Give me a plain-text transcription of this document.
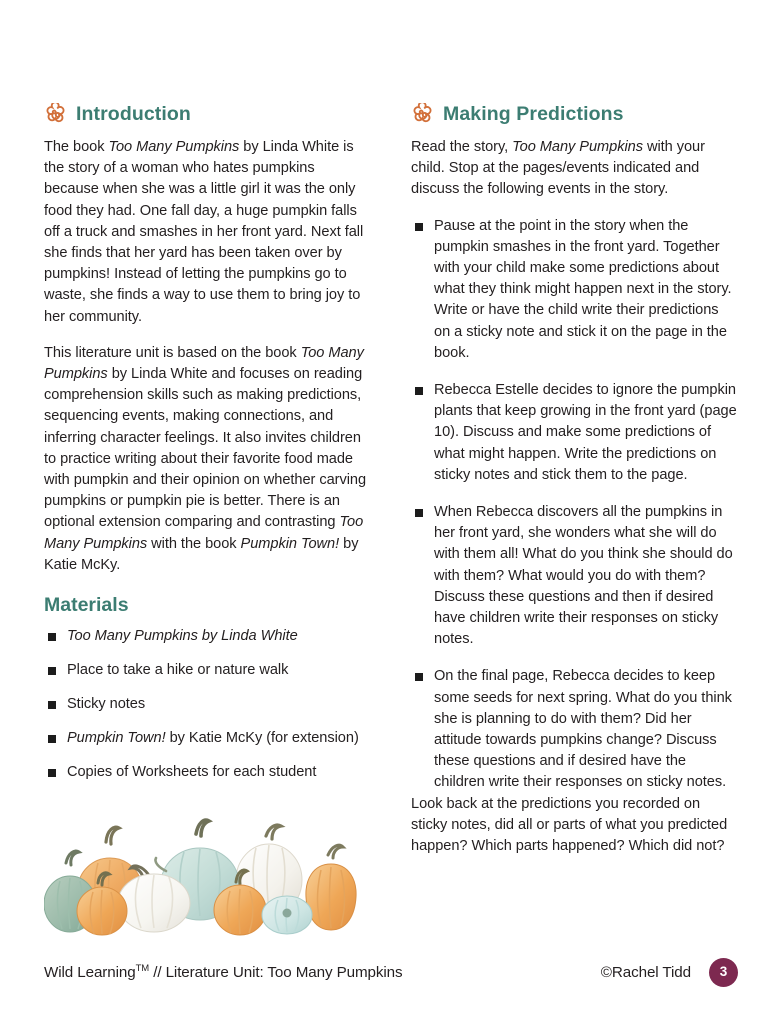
Introduction

The book Too Many Pumpkins by Linda White is the story of a woman who hates pumpkins because when she was a little girl it was the only food they had. One fall day, a huge pumpkin falls off a truck and smashes in her front yard. Next fall she finds that her yard has been taken over by pumpkins! Instead of letting the pumpkins go to waste, she finds a way to use them to bring joy to her community.

This literature unit is based on the book Too Many Pumpkins by Linda White and focuses on reading comprehension skills such as making predictions, sequencing events, making connections, and inferring character feelings. It also invites children to practice writing about their favorite food made with pumpkin and their opinion on whether carving pumpkins or pumpkin pie is better. There is an optional extension comparing and contrasting Too Many Pumpkins with the book Pumpkin Town! by Katie McKy.

Materials
Too Many Pumpkins by Linda White
Place to take a hike or nature walk
Sticky notes
Pumpkin Town! by Katie McKy (for extension)
Copies of Worksheets for each student
Making Predictions

Read the story, Too Many Pumpkins with your child. Stop at the pages/events indicated and discuss the following events in the story.

Pause at the point in the story when the pumpkin smashes in the front yard. Together with your child make some predictions about what they think might happen next in the story. Write or have the child write their predictions on a sticky note and stick it on the page in the book.
Rebecca Estelle decides to ignore the pumpkin plants that keep growing in the front yard (page 10). Discuss and make some predictions of what might happen. Write the predictions on sticky notes and stick them to the page.
When Rebecca discovers all the pumpkins in her front yard, she wonders what she will do with them all! What do you think she should do with them? What would you do with them? Discuss these questions and then if desired have children write their responses on sticky notes.
On the final page, Rebecca decides to keep some seeds for next spring. What do you think she is planning to do with them? Did her attitude towards pumpkins change? Discuss these questions and if desired have the children write their responses on sticky notes.

Look back at the predictions you recorded on sticky notes, did all or parts of what you predicted happen? Which parts happened? Which did not?

Wild Learning™ // Literature Unit: Too Many Pumpkins	©Rachel Tidd	3
